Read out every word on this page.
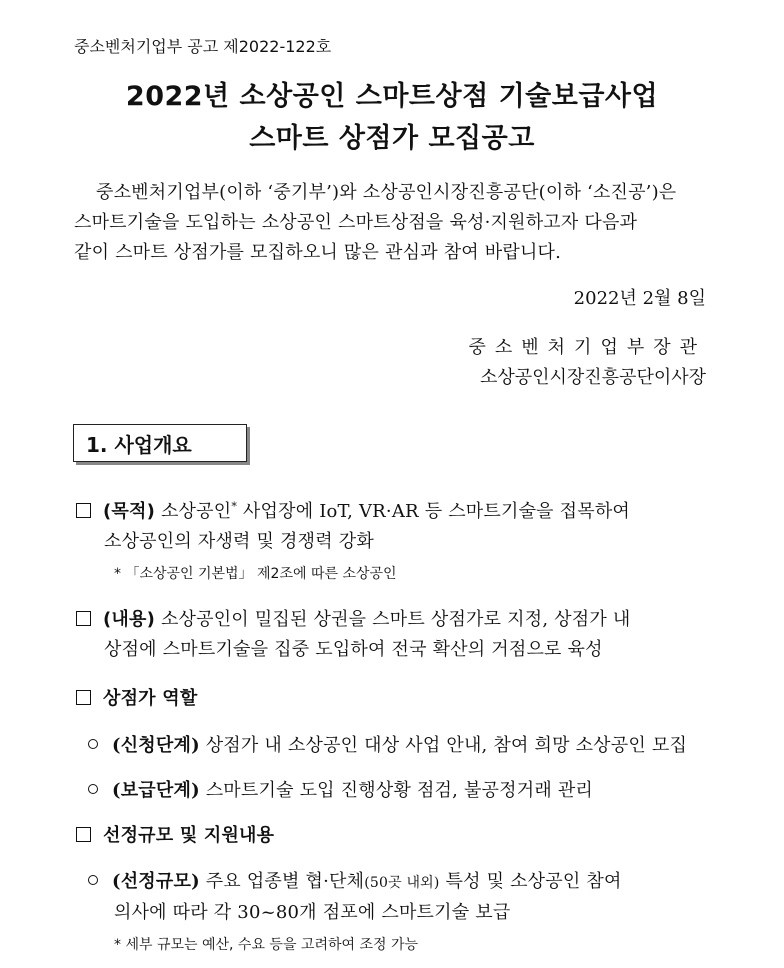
중소벤처기업부 공고 제2022-122호
2022년 소상공인 스마트상점 기술보급사업
스마트 상점가 모집공고
중소벤처기업부(이하 ‘중기부’)와 소상공인시장진흥공단(이하 ‘소진공’)은
스마트기술을 도입하는 소상공인 스마트상점을 육성·지원하고자 다음과
같이 스마트 상점가를 모집하오니 많은 관심과 참여 바랍니다.
2022년 2월 8일
중소벤처기업부장관
소상공인시장진흥공단이사장
1. 사업개요
(목적) 소상공인* 사업장에 IoT, VR·AR 등 스마트기술을 접목하여
소상공인의 자생력 및 경쟁력 강화
* 「소상공인 기본법」 제2조에 따른 소상공인
(내용) 소상공인이 밀집된 상권을 스마트 상점가로 지정, 상점가 내
상점에 스마트기술을 집중 도입하여 전국 확산의 거점으로 육성
상점가 역할
(신청단계) 상점가 내 소상공인 대상 사업 안내, 참여 희망 소상공인 모집
(보급단계) 스마트기술 도입 진행상황 점검, 불공정거래 관리
선정규모 및 지원내용
(선정규모) 주요 업종별 협·단체(50곳 내외) 특성 및 소상공인 참여
의사에 따라 각 30~80개 점포에 스마트기술 보급
* 세부 규모는 예산, 수요 등을 고려하여 조정 가능
